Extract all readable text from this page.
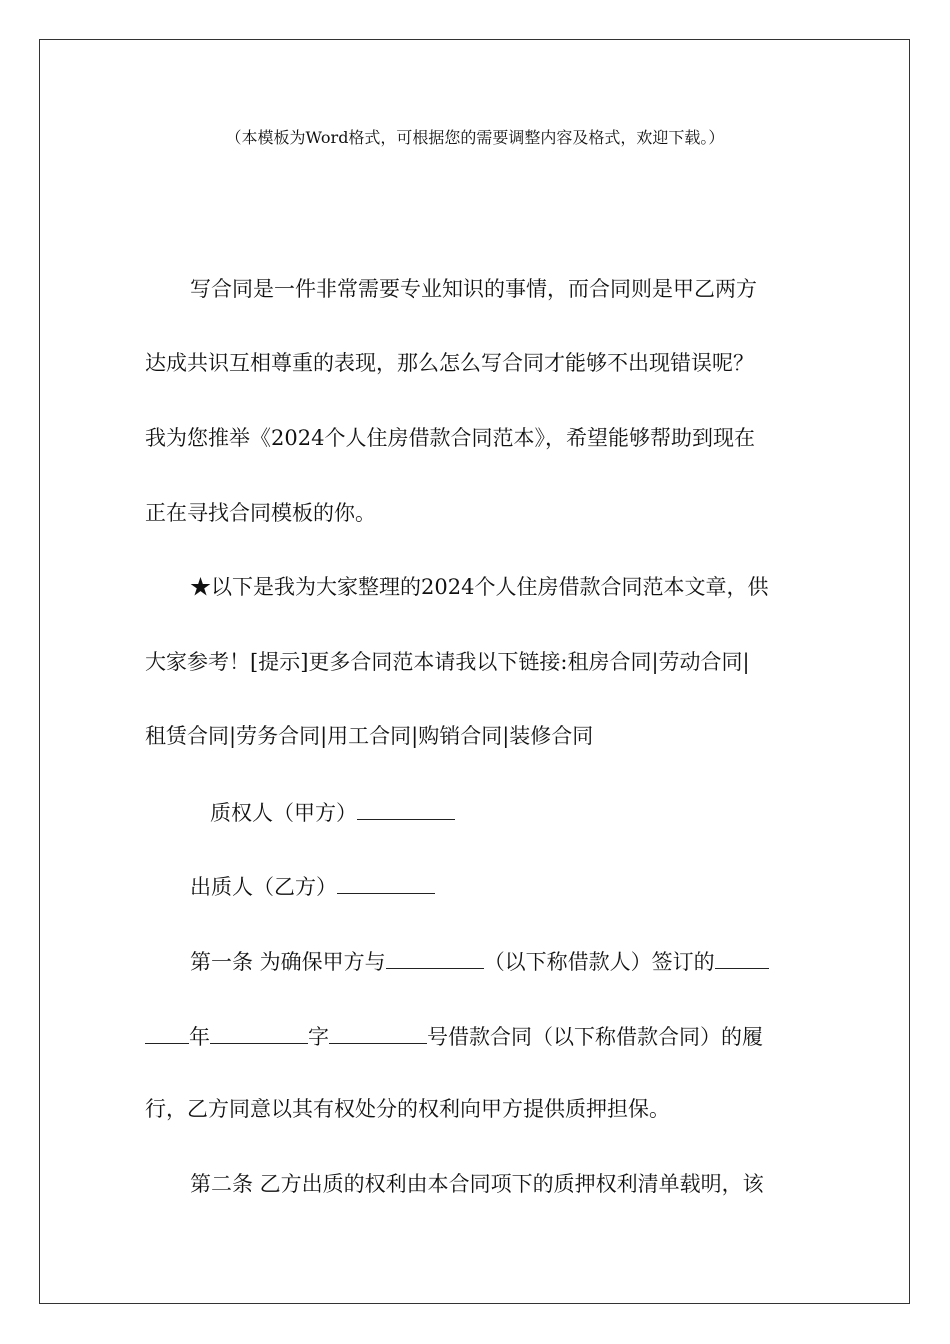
（本模板为Word格式，可根据您的需要调整内容及格式，欢迎下载。）
写合同是一件非常需要专业知识的事情，而合同则是甲乙两方
达成共识互相尊重的表现，那么怎么写合同才能够不出现错误呢？
我为您推举《2024个人住房借款合同范本》，希望能够帮助到现在
正在寻找合同模板的你。
★以下是我为大家整理的2024个人住房借款合同范本文章，供
大家参考！[提示]更多合同范本请我以下链接:租房合同|劳动合同|
租赁合同|劳务合同|用工合同|购销合同|装修合同
质权人（甲方）
出质人（乙方）
第一条 为确保甲方与	（以下称借款人）签订的
年	字	号借款合同（以下称借款合同）的履
行，乙方同意以其有权处分的权利向甲方提供质押担保。
第二条 乙方出质的权利由本合同项下的质押权利清单载明，该
